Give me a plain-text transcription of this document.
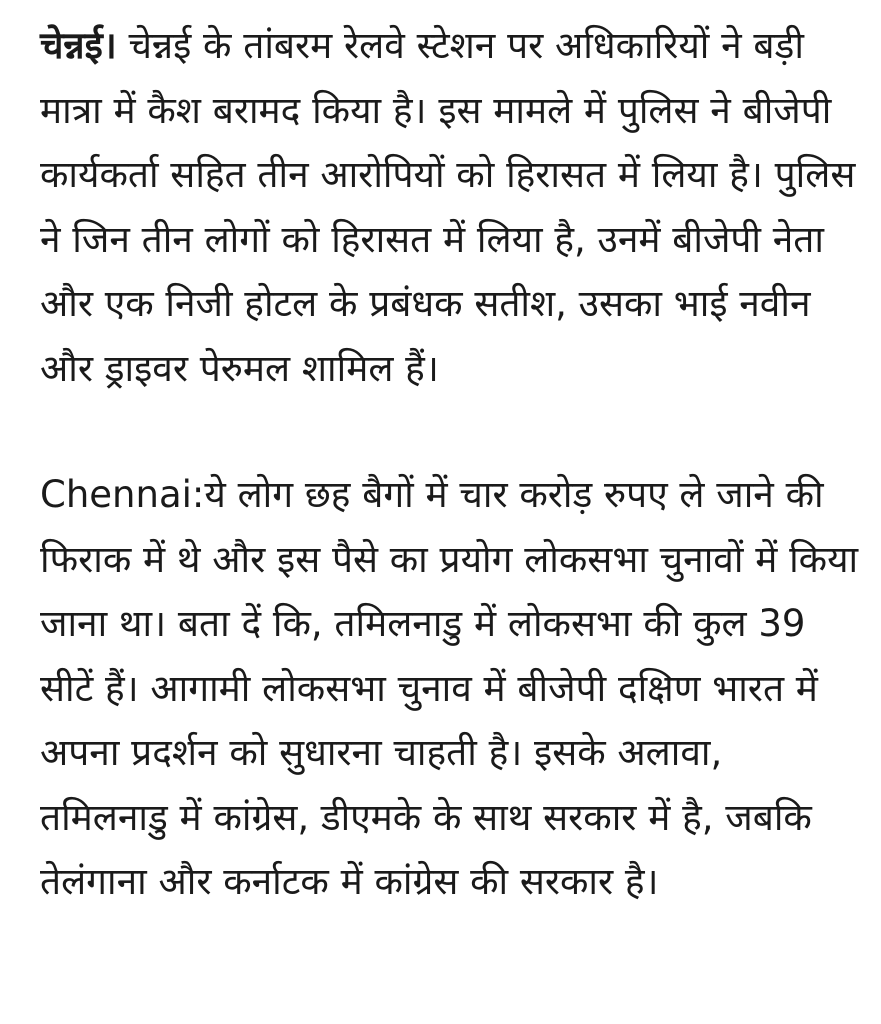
चेन्नई। चेन्नई के तांबरम रेलवे स्टेशन पर अधिकारियों ने बड़ी मात्रा में कैश बरामद किया है। इस मामले में पुलिस ने बीजेपी कार्यकर्ता सहित तीन आरोपियों को हिरासत में लिया है। पुलिस ने जिन तीन लोगों को हिरासत में लिया है, उनमें बीजेपी नेता और एक निजी होटल के प्रबंधक सतीश, उसका भाई नवीन और ड्राइवर पेरुमल शामिल हैं।

Chennai:ये लोग छह बैगों में चार करोड़ रुपए ले जाने की फिराक में थे और इस पैसे का प्रयोग लोकसभा चुनावों में किया जाना था। बता दें कि, तमिलनाडु में लोकसभा की कुल 39 सीटें हैं। आगामी लोकसभा चुनाव में बीजेपी दक्षिण भारत में अपना प्रदर्शन को सुधारना चाहती है। इसके अलावा, तमिलनाडु में कांग्रेस, डीएमके के साथ सरकार में है, जबकि तेलंगाना और कर्नाटक में कांग्रेस की सरकार है।
